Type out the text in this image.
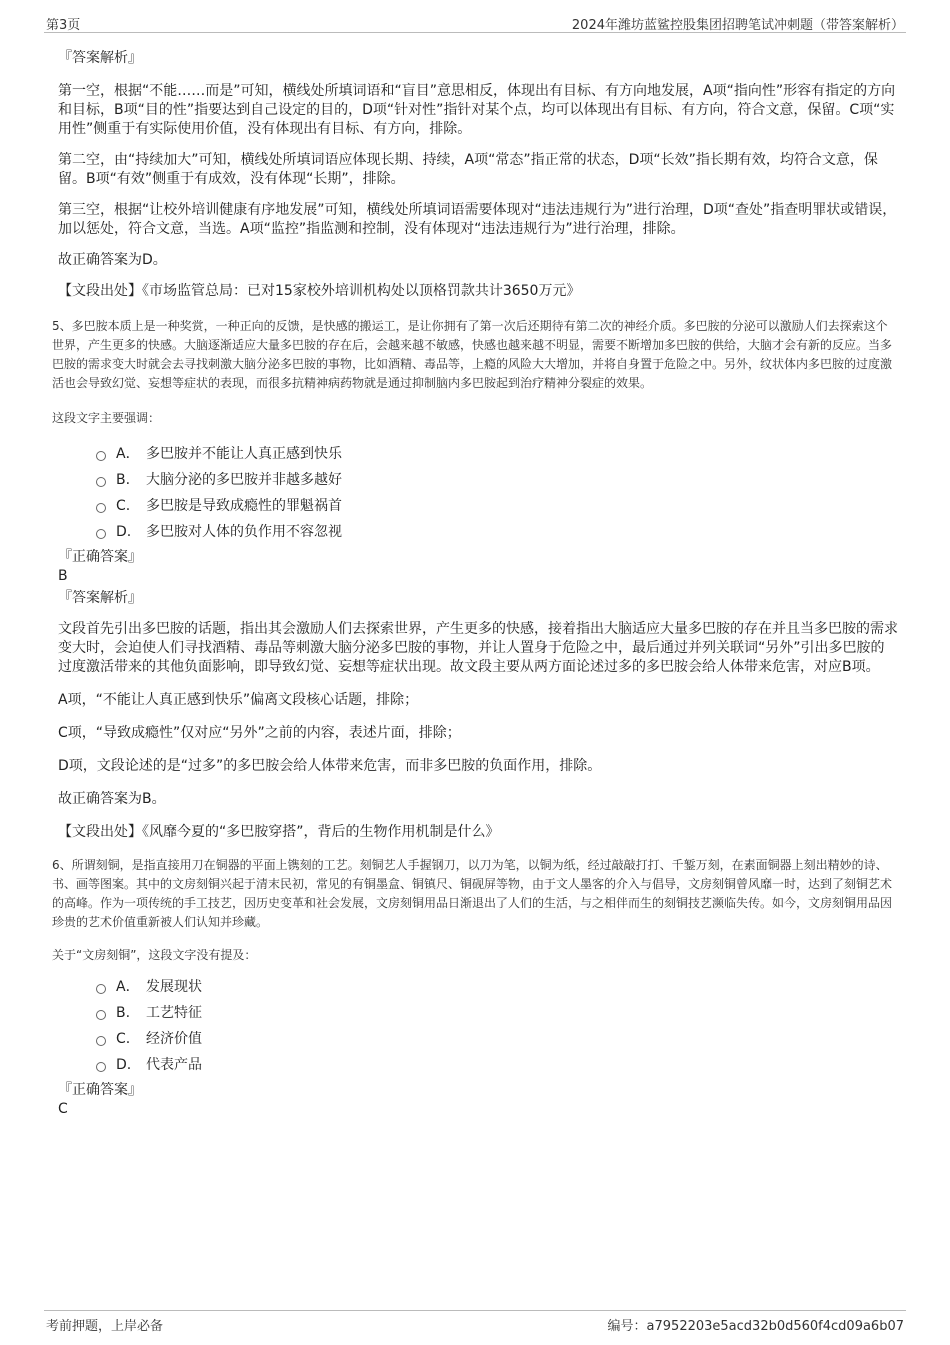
第3页	2024年潍坊蓝鲨控股集团招聘笔试冲刺题（带答案解析）

『答案解析』

第一空，根据“不能……而是”可知，横线处所填词语和“盲目”意思相反，体现出有目标、有方向地发展，A项“指向性”形容有指定的方向和目标，B项“目的性”指要达到自己设定的目的，D项“针对性”指针对某个点，均可以体现出有目标、有方向，符合文意，保留。C项“实用性”侧重于有实际使用价值，没有体现出有目标、有方向，排除。

第二空，由“持续加大”可知，横线处所填词语应体现长期、持续，A项“常态”指正常的状态，D项“长效”指长期有效，均符合文意，保留。B项“有效”侧重于有成效，没有体现“长期”，排除。

第三空，根据“让校外培训健康有序地发展”可知，横线处所填词语需要体现对“违法违规行为”进行治理，D项“查处”指查明罪状或错误，加以惩处，符合文意，当选。A项“监控”指监测和控制，没有体现对“违法违规行为”进行治理，排除。

故正确答案为D。

【文段出处】《市场监管总局：已对15家校外培训机构处以顶格罚款共计3650万元》

5、多巴胺本质上是一种奖赏，一种正向的反馈，是快感的搬运工，是让你拥有了第一次后还期待有第二次的神经介质。多巴胺的分泌可以激励人们去探索这个世界，产生更多的快感。大脑逐渐适应大量多巴胺的存在后，会越来越不敏感，快感也越来越不明显，需要不断增加多巴胺的供给，大脑才会有新的反应。当多巴胺的需求变大时就会去寻找刺激大脑分泌多巴胺的事物，比如酒精、毒品等，上瘾的风险大大增加，并将自身置于危险之中。另外，纹状体内多巴胺的过度激活也会导致幻觉、妄想等症状的表现，而很多抗精神病药物就是通过抑制脑内多巴胺起到治疗精神分裂症的效果。

这段文字主要强调：

A． 多巴胺并不能让人真正感到快乐
B.	大脑分泌的多巴胺并非越多越好
C.	多巴胺是导致成瘾性的罪魁祸首
D.	多巴胺对人体的负作用不容忽视

『正确答案』

B

『答案解析』

文段首先引出多巴胺的话题，指出其会激励人们去探索世界，产生更多的快感，接着指出大脑适应大量多巴胺的存在并且当多巴胺的需求变大时，会迫使人们寻找酒精、毒品等刺激大脑分泌多巴胺的事物，并让人置身于危险之中，最后通过并列关联词“另外”引出多巴胺的过度激活带来的其他负面影响，即导致幻觉、妄想等症状出现。故文段主要从两方面论述过多的多巴胺会给人体带来危害，对应B项。

A项，“不能让人真正感到快乐”偏离文段核心话题，排除；

C项，“导致成瘾性”仅对应“另外”之前的内容，表述片面，排除；

D项，文段论述的是“过多”的多巴胺会给人体带来危害，而非多巴胺的负面作用，排除。

故正确答案为B。

【文段出处】《风靡今夏的“多巴胺穿搭”，背后的生物作用机制是什么》

6、所谓刻铜，是指直接用刀在铜器的平面上镌刻的工艺。刻铜艺人手握钢刀，以刀为笔，以铜为纸，经过敲敲打打、千錾万刻，在素面铜器上刻出精妙的诗、书、画等图案。其中的文房刻铜兴起于清末民初，常见的有铜墨盒、铜镇尺、铜砚屏等物，由于文人墨客的介入与倡导，文房刻铜曾风靡一时，达到了刻铜艺术的高峰。作为一项传统的手工技艺，因历史变革和社会发展，文房刻铜用品日渐退出了人们的生活，与之相伴而生的刻铜技艺濒临失传。如今，文房刻铜用品因珍贵的艺术价值重新被人们认知并珍藏。

关于“文房刻铜”，这段文字没有提及：

A． 发展现状
B.	工艺特征
C.	经济价值
D.	代表产品

『正确答案』

C

考前押题，上岸必备	编号：a7952203e5acd32b0d560f4cd09a6b07
